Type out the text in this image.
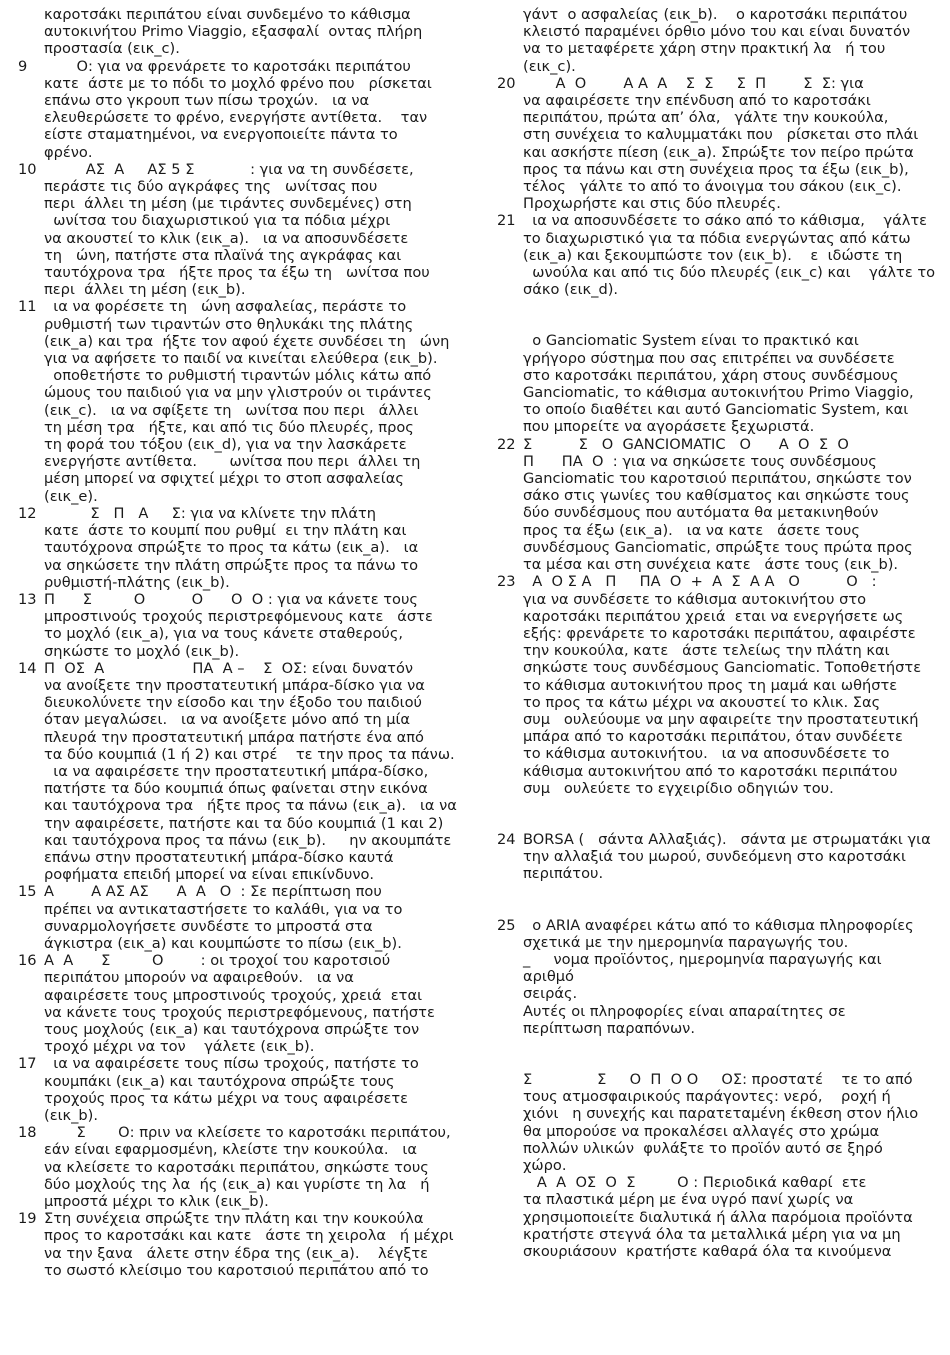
καροτσάκι περιπάτου είναι συνδεμένο το κάθισμα
αυτοκινήτου Primo Viaggio, εξασφαλί  οντας πλήρη
προστασία (εικ_c).
9	Ο: για να φρενάρετε το καροτσάκι περιπάτου
κατε  άστε με το πόδι το μοχλό φρένο που   ρίσκεται
επάνω στο γκρουπ των πίσω τροχών.   ια να
ελευθερώσετε το φρένο, ενεργήστε αντίθετα.    ταν
είστε σταματημένοι, να ενεργοποιείτε πάντα το
φρένο.
10	ΑΣ  Α     ΑΣ 5 Σ            : για να τη συνδέσετε,
περάστε τις δύο αγκράφες της   ωνίτσας που
περι  άλλει τη μέση (με τιράντες συνδεμένες) στη
ωνίτσα του διαχωριστικού για τα πόδια μέχρι
να ακουστεί το κλικ (εικ_a).   ια να αποσυνδέσετε
τη   ώνη, πατήστε στα πλαϊνά της αγκράφας και
ταυτόχρονα τρα   ήξτε προς τα έξω τη   ωνίτσα που
περι  άλλει τη μέση (εικ_b).
11	ια να φορέσετε τη   ώνη ασφαλείας, περάστε το
ρυθμιστή των τιραντών στο θηλυκάκι της πλάτης
(εικ_a) και τρα  ήξτε τον αφού έχετε συνδέσει τη   ώνη
για να αφήσετε το παιδί να κινείται ελεύθερα (εικ_b).
οποθετήστε το ρυθμιστή τιραντών μόλις κάτω από
ώμους του παιδιού για να μην γλιστρούν οι τιράντες
(εικ_c).   ια να σφίξετε τη   ωνίτσα που περι   άλλει
τη μέση τρα   ήξτε, και από τις δύο πλευρές, προς
τη φορά του τόξου (εικ_d), για να την λασκάρετε
ενεργήστε αντίθετα.       ωνίτσα που περι  άλλει τη
μέση μπορεί να σφιχτεί μέχρι το στοπ ασφαλείας
(εικ_e).
12	Σ   Π   Α     Σ: για να κλίνετε την πλάτη
κατε  άστε το κουμπί που ρυθμί  ει την πλάτη και
ταυτόχρονα σπρώξτε το προς τα κάτω (εικ_a).   ια
να σηκώσετε την πλάτη σπρώξτε προς τα πάνω το
ρυθμιστή-πλάτης (εικ_b).
13 Π      Σ         Ο          Ο      Ο  Ο : για να κάνετε τους
μπροστινούς τροχούς περιστρεφόμενους κατε   άστε
το μοχλό (εικ_a), για να τους κάνετε σταθερούς,
σηκώστε το μοχλό (εικ_b).
14 Π  ΟΣ  Α                   ΠΑ  Α –    Σ  ΟΣ: είναι δυνατόν
να ανοίξετε την προστατευτική μπάρα-δίσκο για να
διευκολύνετε την είσοδο και την έξοδο του παιδιού
όταν μεγαλώσει.   ια να ανοίξετε μόνο από τη μία
πλευρά την προστατευτική μπάρα πατήστε ένα από
τα δύο κουμπιά (1 ή 2) και στρέ    τε την προς τα πάνω.
ια να αφαιρέσετε την προστατευτική μπάρα-δίσκο,
πατήστε τα δύο κουμπιά όπως φαίνεται στην εικόνα
και ταυτόχρονα τρα   ήξτε προς τα πάνω (εικ_a).   ια να
την αφαιρέσετε, πατήστε και τα δύο κουμπιά (1 και 2)
και ταυτόχρονα προς τα πάνω (εικ_b).     ην ακουμπάτε
επάνω στην προστατευτική μπάρα-δίσκο καυτά
ροφήματα επειδή μπορεί να είναι επικίνδυνο.
15 Α        Α ΑΣ ΑΣ      Α  Α   Ο  : Σε περίπτωση που
πρέπει να αντικαταστήσετε το καλάθι, για να το
συναρμολογήσετε συνδέστε το μπροστά στα
άγκιστρα (εικ_a) και κουμπώστε το πίσω (εικ_b).
16 Α  Α      Σ         Ο        : οι τροχοί του καροτσιού
περιπάτου μπορούν να αφαιρεθούν.   ια να
αφαιρέσετε τους μπροστινούς τροχούς, χρειά  εται
να κάνετε τους τροχούς περιστρεφόμενους, πατήστε
τους μοχλούς (εικ_a) και ταυτόχρονα σπρώξτε τον
τροχό μέχρι να τον    γάλετε (εικ_b).
17	ια να αφαιρέσετε τους πίσω τροχούς, πατήστε το
κουμπάκι (εικ_a) και ταυτόχρονα σπρώξτε τους
τροχούς προς τα κάτω μέχρι να τους αφαιρέσετε
(εικ_b).
18	Σ       Ο: πριν να κλείσετε το καροτσάκι περιπάτου,
εάν είναι εφαρμοσμένη, κλείστε την κουκούλα.   ια
να κλείσετε το καροτσάκι περιπάτου, σηκώστε τους
δύο μοχλούς της λα  ής (εικ_a) και γυρίστε τη λα   ή
μπροστά μέχρι το κλικ (εικ_b).
19 Στη συνέχεια σπρώξτε την πλάτη και την κουκούλα
προς το καροτσάκι και κατε   άστε τη χειρολα   ή μέχρι
να την ξανα   άλετε στην έδρα της (εικ_a).    λέγξτε
το σωστό κλείσιμο του καροτσιού περιπάτου από το
γάντ  ο ασφαλείας (εικ_b).    ο καροτσάκι περιπάτου
κλειστό παραμένει όρθιο μόνο του και είναι δυνατόν
να το μεταφέρετε χάρη στην πρακτική λα   ή του
(εικ_c).
20	Α  Ο        Α Α  Α    Σ  Σ     Σ  Π        Σ  Σ: για
να αφαιρέσετε την επένδυση από το καροτσάκι
περιπάτου, πρώτα απ’ όλα,   γάλτε την κουκούλα,
στη συνέχεια το καλυμματάκι που   ρίσκεται στο πλάι
και ασκήστε πίεση (εικ_a). Σπρώξτε τον πείρο πρώτα
προς τα πάνω και στη συνέχεια προς τα έξω (εικ_b),
τέλος   γάλτε το από το άνοιγμα του σάκου (εικ_c).
Προχωρήστε και στις δύο πλευρές.
21	ια να αποσυνδέσετε το σάκο από το κάθισμα,    γάλτε
το διαχωριστικό για τα πόδια ενεργώντας από κάτω
(εικ_a) και ξεκουμπώστε τον (εικ_b).    ε  ιδώστε τη
ωνούλα και από τις δύο πλευρές (εικ_c) και    γάλτε το
σάκο (εικ_d).
ο Ganciomatic System είναι το πρακτικό και
γρήγορο σύστημα που σας επιτρέπει να συνδέσετε
στο καροτσάκι περιπάτου, χάρη στους συνδέσμους
Ganciomatic, το κάθισμα αυτοκινήτου Primo Viaggio,
το οποίο διαθέτει και αυτό Ganciomatic System, και
που μπορείτε να αγοράσετε ξεχωριστά.
22 Σ          Σ   Ο  GANCIOMATIC   Ο      Α  Ο  Σ  Ο
Π      ΠΑ  Ο  : για να σηκώσετε τους συνδέσμους
Ganciomatic του καροτσιού περιπάτου, σηκώστε τον
σάκο στις γωνίες του καθίσματος και σηκώστε τους
δύο συνδέσμους που αυτόματα θα μετακινηθούν
προς τα έξω (εικ_a).   ια να κατε   άσετε τους
συνδέσμους Ganciomatic, σπρώξτε τους πρώτα προς
τα μέσα και στη συνέχεια κατε   άστε τους (εικ_b).
23	Α  Ο Σ Α   Π     ΠΑ  Ο  +  Α  Σ  Α Α   Ο          Ο   :
για να συνδέσετε το κάθισμα αυτοκινήτου στο
καροτσάκι περιπάτου χρειά  εται να ενεργήσετε ως
εξής: φρενάρετε το καροτσάκι περιπάτου, αφαιρέστε
την κουκούλα, κατε   άστε τελείως την πλάτη και
σηκώστε τους συνδέσμους Ganciomatic. Τοποθετήστε
το κάθισμα αυτοκινήτου προς τη μαμά και ωθήστε
το προς τα κάτω μέχρι να ακουστεί το κλικ. Σας
συμ   ουλεύουμε να μην αφαιρείτε την προστατευτική
μπάρα από το καροτσάκι περιπάτου, όταν συνδέετε
το κάθισμα αυτοκινήτου.   ια να αποσυνδέσετε το
κάθισμα αυτοκινήτου από το καροτσάκι περιπάτου
συμ   ουλεύετε το εγχειρίδιο οδηγιών του.
24 BORSA (   σάντα Αλλαξιάς).   σάντα με στρωματάκι για
την αλλαξιά του μωρού, συνδεόμενη στο καροτσάκι
περιπάτου.
25	ο ARIA αναφέρει κάτω από το κάθισμα πληροφορίες
σχετικά με την ημερομηνία παραγωγής του.
_     νομα προϊόντος, ημερομηνία παραγωγής και αριθμό
σειράς.
Αυτές οι πληροφορίες είναι απαραίτητες σε
περίπτωση παραπόνων.
Σ              Σ     Ο  Π  Ο Ο     ΟΣ: προστατέ    τε το από
τους ατμοσφαιρικούς παράγοντες: νερό,    ροχή ή
χιόνι   η συνεχής και παρατεταμένη έκθεση στον ήλιο
θα μπορούσε να προκαλέσει αλλαγές στο χρώμα
πολλών υλικών  φυλάξτε το προϊόν αυτό σε ξηρό
χώρο.
Α  Α  ΟΣ  Ο  Σ         Ο : Περιοδικά καθαρί  ετε
τα πλαστικά μέρη με ένα υγρό πανί χωρίς να
χρησιμοποιείτε διαλυτικά ή άλλα παρόμοια προϊόντα
κρατήστε στεγνά όλα τα μεταλλικά μέρη για να μη
σκουριάσουν  κρατήστε καθαρά όλα τα κινούμενα
